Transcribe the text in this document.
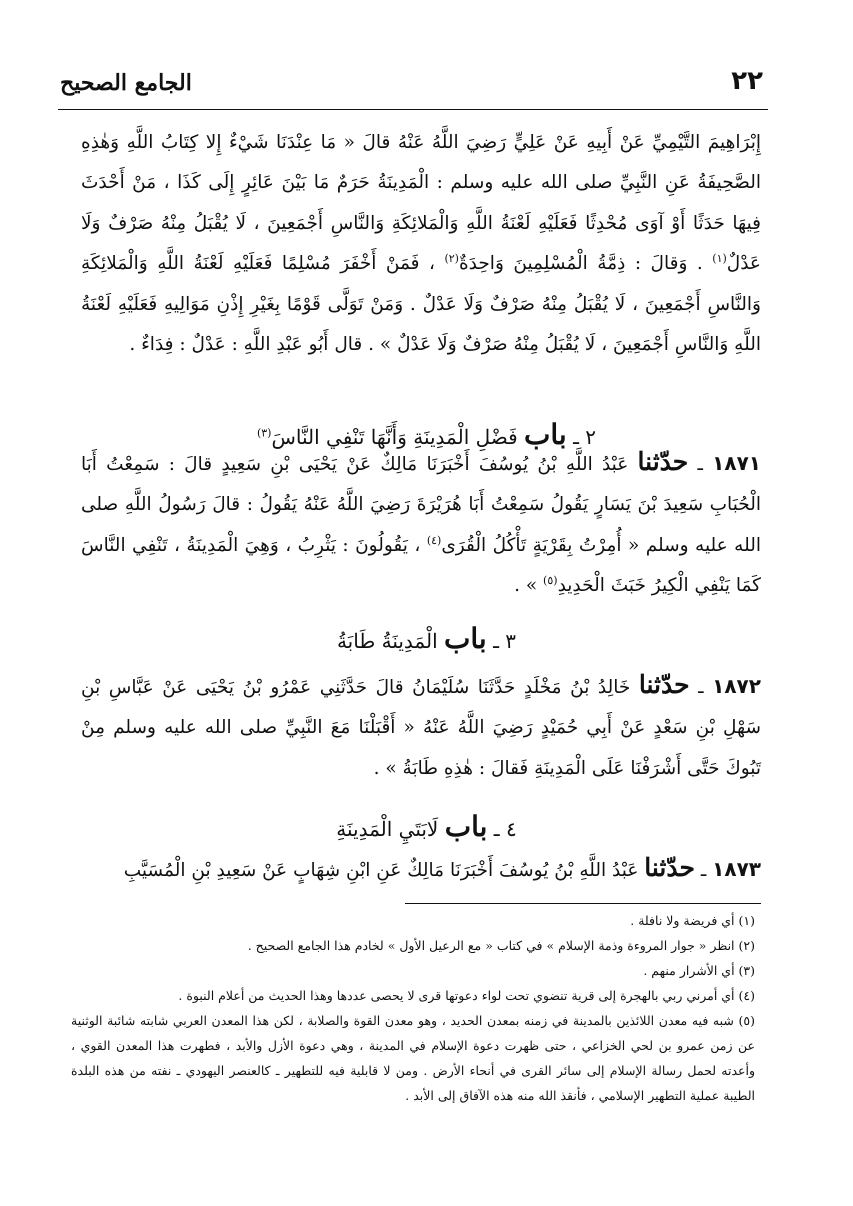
٢٢
الجامع الصحيح
إِبْرَاهِيمَ التَّيْمِيِّ عَنْ أَبِيهِ عَنْ عَلِيٍّ رَضِيَ اللَّهُ عَنْهُ قالَ « مَا عِنْدَنَا شَيْءٌ إِلا كِتَابُ اللَّهِ وَهٰذِهِ الصَّحِيفَةُ عَنِ النَّبِيِّ صلى الله عليه وسلم : الْمَدِينَةُ حَرَمٌ مَا بَيْنَ عَائِرٍ إِلَى كَذَا ، مَنْ أَحْدَثَ فِيهَا حَدَثًا أَوْ آوَى مُحْدِثًا فَعَلَيْهِ لَعْنَةُ اللَّهِ وَالْمَلائِكَةِ وَالنَّاسِ أَجْمَعِينَ ، لَا يُقْبَلُ مِنْهُ صَرْفٌ وَلَا عَدْلٌ$^{(١)}$ . وَقالَ : ذِمَّةُ الْمُسْلِمِينَ وَاحِدَةٌ$^{(٢)}$ ، فَمَنْ أَخْفَرَ مُسْلِمًا فَعَلَيْهِ لَعْنَةُ اللَّهِ وَالْمَلائِكَةِ وَالنَّاسِ أَجْمَعِينَ ، لَا يُقْبَلُ مِنْهُ صَرْفٌ وَلَا عَدْلٌ . وَمَنْ تَوَلَّى قَوْمًا بِغَيْرِ إِذْنِ مَوَالِيهِ فَعَلَيْهِ لَعْنَةُ اللَّهِ وَالنَّاسِ أَجْمَعِينَ ، لَا يُقْبَلُ مِنْهُ صَرْفٌ وَلَا عَدْلٌ » . قال أَبُو عَبْدِ اللَّهِ : عَدْلٌ : فِدَاءٌ .
٢ ـ باب فَضْلِ الْمَدِينَةِ وَأَنَّهَا تَنْفِي النَّاسَ$^{(٣)}$
١٨٧١ ـ حدّثنا عَبْدُ اللَّهِ بْنُ يُوسُفَ أَخْبَرَنَا مَالِكٌ عَنْ يَحْيَى بْنِ سَعِيدٍ قالَ : سَمِعْتُ أَبَا الْحُبَابِ سَعِيدَ بْنَ يَسَارٍ يَقُولُ سَمِعْتُ أَبَا هُرَيْرَةَ رَضِيَ اللَّهُ عَنْهُ يَقُولُ : قالَ رَسُولُ اللَّهِ صلى الله عليه وسلم « أُمِرْتُ بِقَرْيَةٍ تَأْكُلُ الْقُرَى$^{(٤)}$ ، يَقُولُونَ : يَثْرِبُ ، وَهِيَ الْمَدِينَةُ ، تَنْفِي النَّاسَ كَمَا يَنْفِي الْكِيرُ خَبَثَ الْحَدِيدِ$^{(٥)}$ » .
٣ ـ باب الْمَدِينَةُ طَابَةُ
١٨٧٢ ـ حدّثنا خَالِدُ بْنُ مَخْلَدٍ حَدَّثَنَا سُلَيْمَانُ قالَ حَدَّثَنِي عَمْرُو بْنُ يَحْيَى عَنْ عَبَّاسِ بْنِ سَهْلِ بْنِ سَعْدٍ عَنْ أَبِي حُمَيْدٍ رَضِيَ اللَّهُ عَنْهُ « أَقْبَلْنَا مَعَ النَّبِيِّ صلى الله عليه وسلم مِنْ تَبُوكَ حَتَّى أَشْرَفْنَا عَلَى الْمَدِينَةِ فَقالَ : هٰذِهِ طَابَةُ » .
٤ ـ باب لَابَتَيِ الْمَدِينَةِ
١٨٧٣ ـ حدّثنا عَبْدُ اللَّهِ بْنُ يُوسُفَ أَخْبَرَنَا مَالِكٌ عَنِ ابْنِ شِهَابٍ عَنْ سَعِيدِ بْنِ الْمُسَيَّبِ
(١) أي فريضة ولا نافلة .
(٢) انظر « جوار المروءة وذمة الإسلام » في كتاب « مع الرعيل الأول » لخادم هذا الجامع الصحيح .
(٣) أي الأشرار منهم .
(٤) أي أمرني ربي بالهجرة إلى قرية تنضوي تحت لواء دعوتها قرى لا يحصى عددها وهذا الحديث من أعلام النبوة .
(٥) شبه فيه معدن اللائذين بالمدينة في زمنه بمعدن الحديد ، وهو معدن القوة والصلابة ، لكن هذا المعدن العربي شابته شائبة الوثنية عن زمن عمرو بن لحي الخزاعي ، حتى ظهرت دعوة الإسلام في المدينة ، وهي دعوة الأزل والأبد ، فطهرت هذا المعدن القوي ، وأعدته لحمل رسالة الإسلام إلى سائر القرى في أنحاء الأرض . ومن لا قابلية فيه للتطهير ـ كالعنصر اليهودي ـ نفته من هذه البلدة الطيبة عملية التطهير الإسلامي ، فأنقذ الله منه هذه الآفاق إلى الأبد .
